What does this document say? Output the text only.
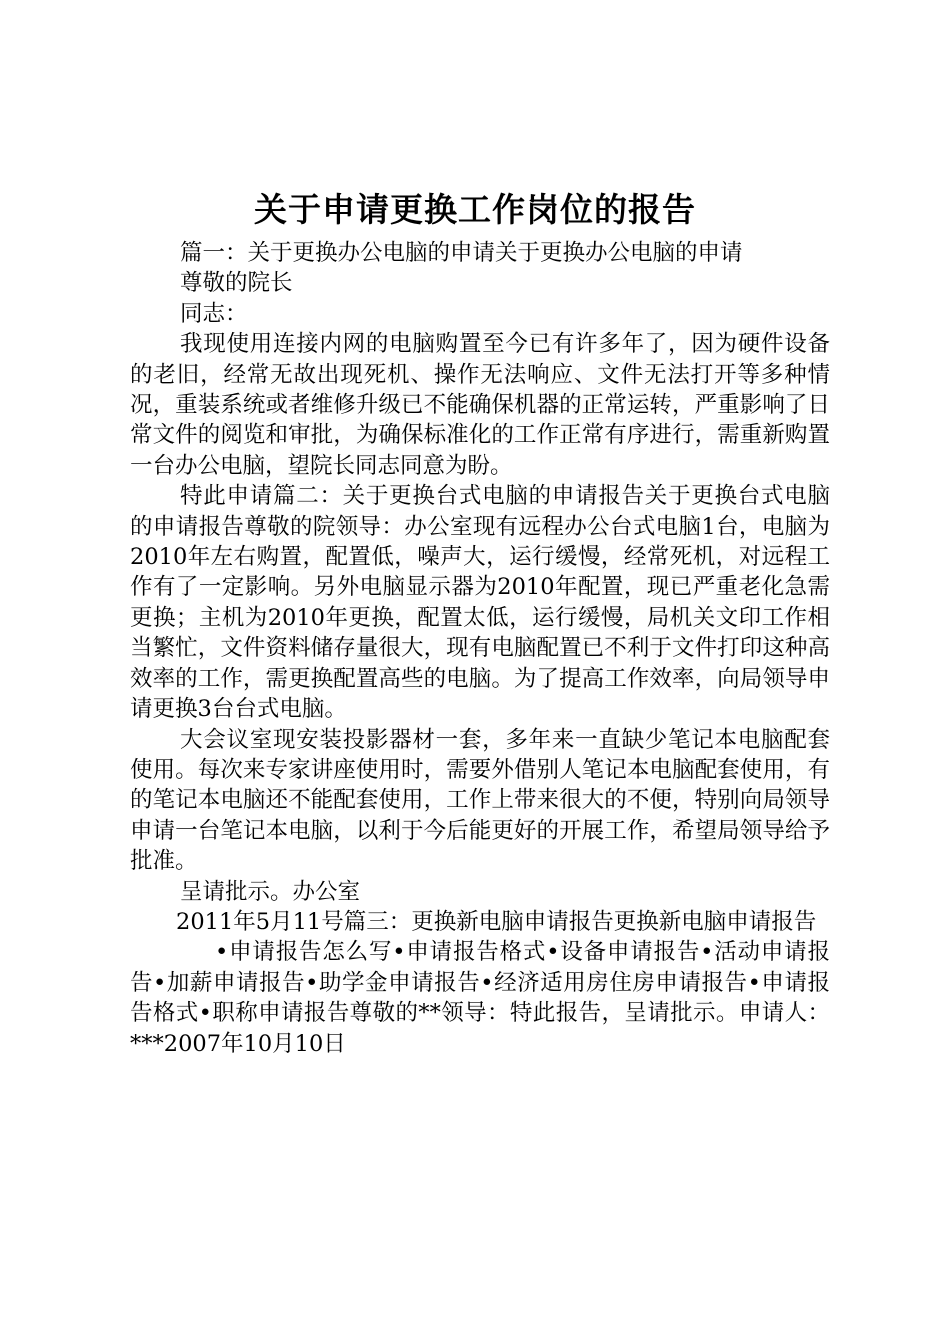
关于申请更换工作岗位的报告

篇一：关于更换办公电脑的申请关于更换办公电脑的申请

尊敬的院长

同志：

我现使用连接内网的电脑购置至今已有许多年了，因为硬件设备的老旧，经常无故出现死机、操作无法响应、文件无法打开等多种情况，重装系统或者维修升级已不能确保机器的正常运转，严重影响了日常文件的阅览和审批，为确保标准化的工作正常有序进行，需重新购置一台办公电脑，望院长同志同意为盼。

特此申请篇二：关于更换台式电脑的申请报告关于更换台式电脑的申请报告尊敬的院领导：办公室现有远程办公台式电脑1台，电脑为2010年左右购置，配置低，噪声大，运行缓慢，经常死机，对远程工作有了一定影响。另外电脑显示器为2010年配置，现已严重老化急需更换；主机为2010年更换，配置太低，运行缓慢，局机关文印工作相当繁忙，文件资料储存量很大，现有电脑配置已不利于文件打印这种高效率的工作，需更换配置高些的电脑。为了提高工作效率，向局领导申请更换3台台式电脑。

大会议室现安装投影器材一套，多年来一直缺少笔记本电脑配套使用。每次来专家讲座使用时，需要外借别人笔记本电脑配套使用，有的笔记本电脑还不能配套使用，工作上带来很大的不便，特别向局领导申请一台笔记本电脑，以利于今后能更好的开展工作，希望局领导给予批准。

呈请批示。办公室

2011年5月11号篇三：更换新电脑申请报告更换新电脑申请报告

•申请报告怎么写•申请报告格式•设备申请报告•活动申请报告•加薪申请报告•助学金申请报告•经济适用房住房申请报告•申请报告格式•职称申请报告尊敬的**领导：特此报告，呈请批示。申请人：***2007年10月10日
